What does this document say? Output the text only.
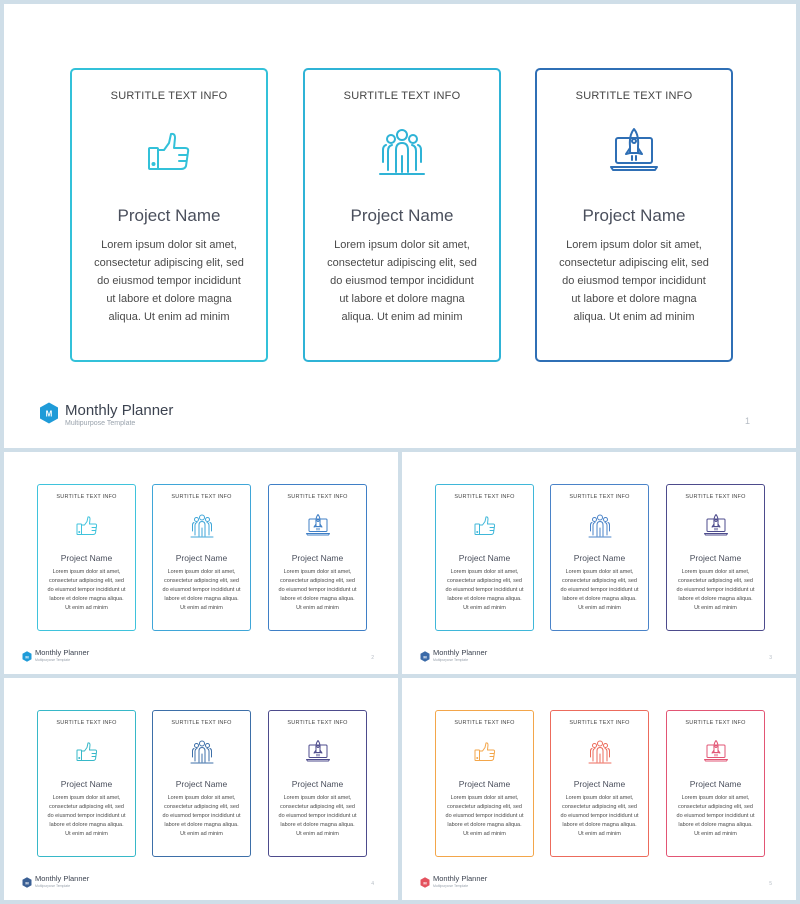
SURTITLE TEXT INFO
Project Name
Lorem ipsum dolor sit amet, consectetur adipiscing elit, sed do eiusmod tempor incididunt ut labore et dolore magna aliqua. Ut enim ad minim
SURTITLE TEXT INFO
Project Name
Lorem ipsum dolor sit amet, consectetur adipiscing elit, sed do eiusmod tempor incididunt ut labore et dolore magna aliqua. Ut enim ad minim
SURTITLE TEXT INFO
Project Name
Lorem ipsum dolor sit amet, consectetur adipiscing elit, sed do eiusmod tempor incididunt ut labore et dolore magna aliqua. Ut enim ad minim
M Monthly Planner
Multipurpose Template	1
SURTITLE TEXT INFO
Project Name
Lorem ipsum dolor sit amet, consectetur adipiscing elit, sed do eiusmod tempor incididunt ut labore et dolore magna aliqua. Ut enim ad minim
SURTITLE TEXT INFO
Project Name
Lorem ipsum dolor sit amet, consectetur adipiscing elit, sed do eiusmod tempor incididunt ut labore et dolore magna aliqua. Ut enim ad minim
SURTITLE TEXT INFO
Project Name
Lorem ipsum dolor sit amet, consectetur adipiscing elit, sed do eiusmod tempor incididunt ut labore et dolore magna aliqua. Ut enim ad minim
M Monthly Planner
Multipurpose Template	2
SURTITLE TEXT INFO
Project Name
Lorem ipsum dolor sit amet, consectetur adipiscing elit, sed do eiusmod tempor incididunt ut labore et dolore magna aliqua. Ut enim ad minim
SURTITLE TEXT INFO
Project Name
Lorem ipsum dolor sit amet, consectetur adipiscing elit, sed do eiusmod tempor incididunt ut labore et dolore magna aliqua. Ut enim ad minim
SURTITLE TEXT INFO
Project Name
Lorem ipsum dolor sit amet, consectetur adipiscing elit, sed do eiusmod tempor incididunt ut labore et dolore magna aliqua. Ut enim ad minim
M Monthly Planner
Multipurpose Template	3
SURTITLE TEXT INFO
Project Name
Lorem ipsum dolor sit amet, consectetur adipiscing elit, sed do eiusmod tempor incididunt ut labore et dolore magna aliqua. Ut enim ad minim
SURTITLE TEXT INFO
Project Name
Lorem ipsum dolor sit amet, consectetur adipiscing elit, sed do eiusmod tempor incididunt ut labore et dolore magna aliqua. Ut enim ad minim
SURTITLE TEXT INFO
Project Name
Lorem ipsum dolor sit amet, consectetur adipiscing elit, sed do eiusmod tempor incididunt ut labore et dolore magna aliqua. Ut enim ad minim
M Monthly Planner
Multipurpose Template	4
SURTITLE TEXT INFO
Project Name
Lorem ipsum dolor sit amet, consectetur adipiscing elit, sed do eiusmod tempor incididunt ut labore et dolore magna aliqua. Ut enim ad minim
SURTITLE TEXT INFO
Project Name
Lorem ipsum dolor sit amet, consectetur adipiscing elit, sed do eiusmod tempor incididunt ut labore et dolore magna aliqua. Ut enim ad minim
SURTITLE TEXT INFO
Project Name
Lorem ipsum dolor sit amet, consectetur adipiscing elit, sed do eiusmod tempor incididunt ut labore et dolore magna aliqua. Ut enim ad minim
M Monthly Planner
Multipurpose Template	5
